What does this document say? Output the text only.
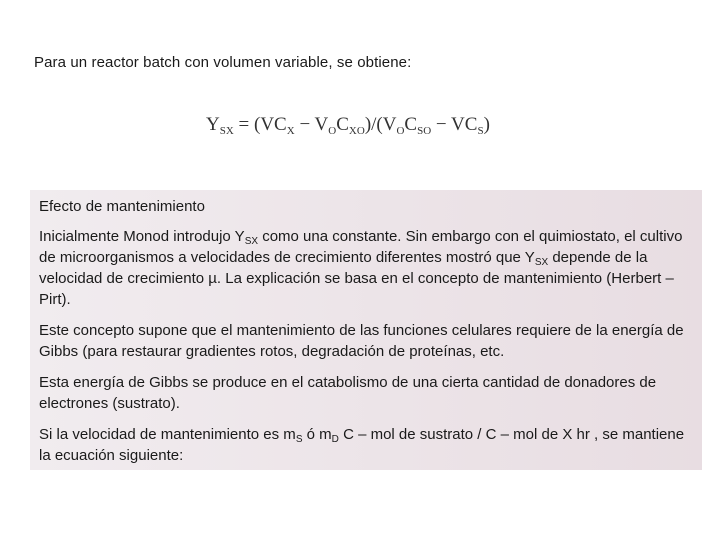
Para un reactor batch con volumen variable, se obtiene:
$Y_{SX} = (VC_X - V_OC_{XO})/(V_OC_{SO} - VC_S)$

Efecto de mantenimiento

Inicialmente Monod introdujo $Y_{SX}$ como una constante. Sin embargo con el quimiostato, el cultivo de microorganismos a velocidades de crecimiento diferentes mostró que $Y_{SX}$ depende de la velocidad de crecimiento µ. La explicación se basa en el concepto de mantenimiento (Herbert – Pirt).

Este concepto supone que el mantenimiento de las funciones celulares requiere de la energía de Gibbs (para restaurar gradientes rotos, degradación de proteínas, etc.

Esta energía de Gibbs se produce en el catabolismo de una cierta cantidad de donadores de electrones (sustrato).

Si la velocidad de mantenimiento es $m_S$ ó $m_D$ C – mol de sustrato / C – mol de X hr , se mantiene la ecuación siguiente:
